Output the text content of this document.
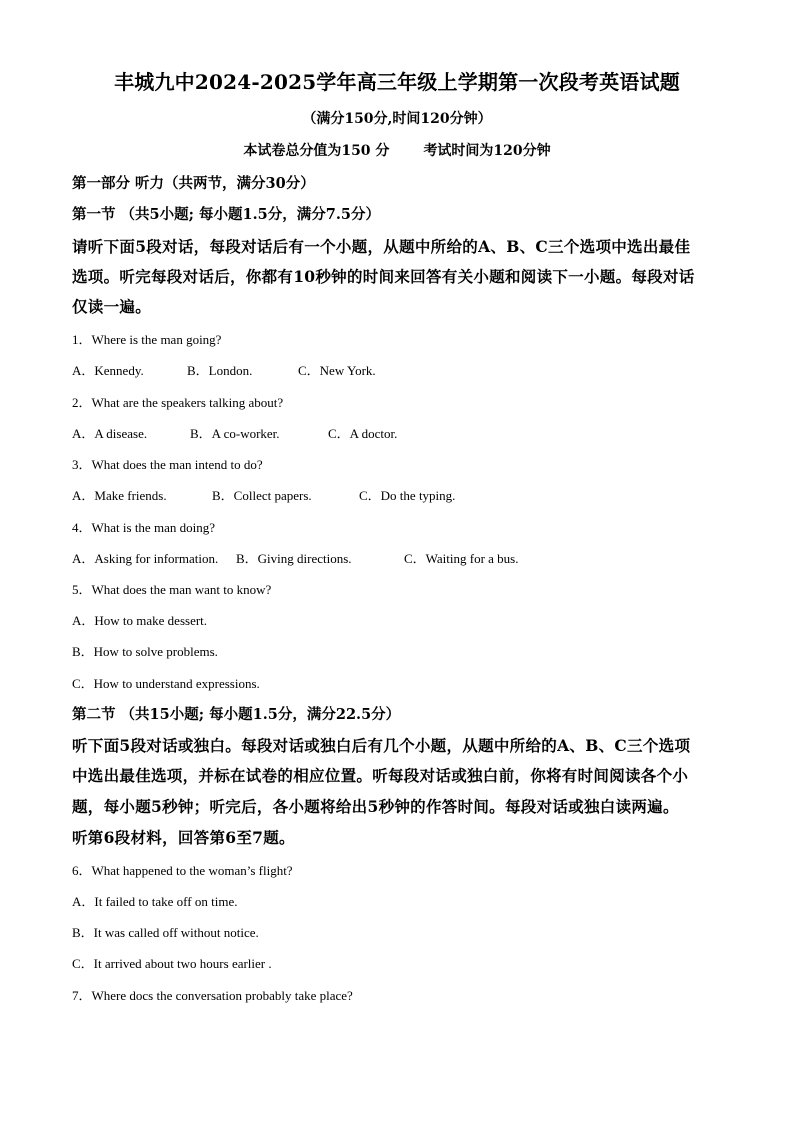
丰城九中2024-2025学年高三年级上学期第一次段考英语试题
（满分150分,时间120分钟）
本试卷总分值为150 分 考试时间为120分钟
第一部分 听力（共两节，满分30分）
第一节 （共5小题; 每小题1.5分，满分7.5分）
请听下面5段对话，每段对话后有一个小题，从题中所给的A、B、C三个选项中选出最佳
选项。听完每段对话后，你都有10秒钟的时间来回答有关小题和阅读下一小题。每段对话
仅读一遍。
1．Where is the man going?
A．Kennedy.	B．London.	C．New York.
2．What are the speakers talking about?
A．A disease.	B．A co-worker.	C．A doctor.
3．What does the man intend to do?
A．Make friends.	B．Collect papers.	C．Do the typing.
4．What is the man doing?
A．Asking for information. B．Giving directions.	C．Waiting for a bus.
5．What does the man want to know?
A．How to make dessert.
B．How to solve problems.
C．How to understand expressions.
第二节 （共15小题; 每小题1.5分，满分22.5分）
听下面5段对话或独白。每段对话或独白后有几个小题，从题中所给的A、B、C三个选项
中选出最佳选项，并标在试卷的相应位置。听每段对话或独白前，你将有时间阅读各个小
题，每小题5秒钟；听完后，各小题将给出5秒钟的作答时间。每段对话或独白读两遍。
听第6段材料，回答第6至7题。
6．What happened to the woman’s flight?
A．It failed to take off on time.
B．It was called off without notice.
C．It arrived about two hours earlier .
7．Where docs the conversation probably take place?
